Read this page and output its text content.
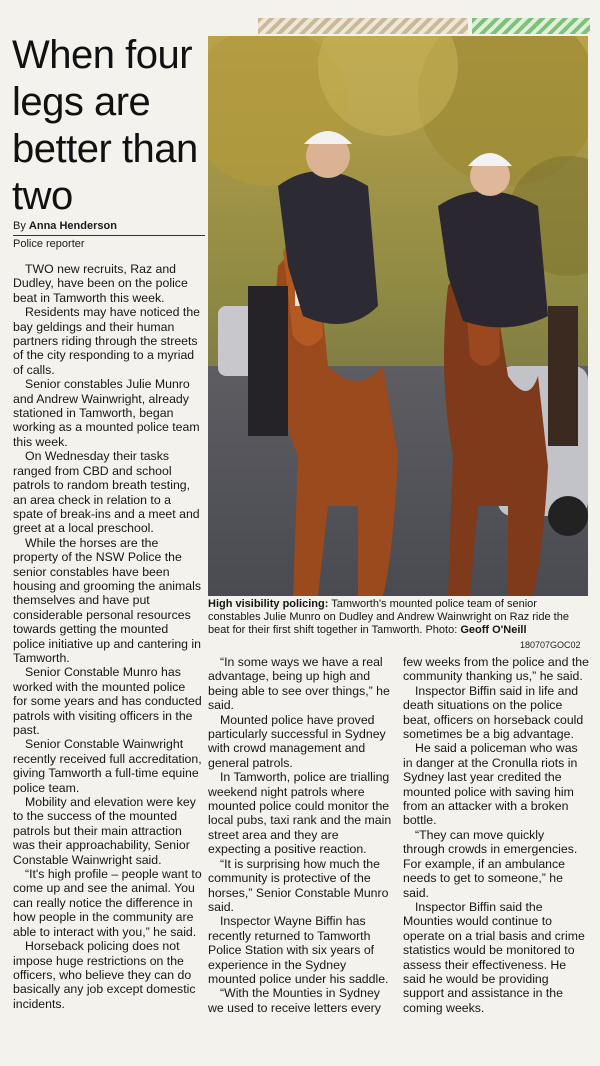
When four legs are better than two
By Anna Henderson
Police reporter
High visibility policing: Tamworth's mounted police team of senior constables Julie Munro on Dudley and Andrew Wainwright on Raz ride the beat for their first shift together in Tamworth. Photo: Geoff O'Neill
180707GOC02

TWO new recruits, Raz and Dudley, have been on the police beat in Tamworth this week.

Residents may have noticed the bay geldings and their human partners riding through the streets of the city responding to a myriad of calls.

Senior constables Julie Munro and Andrew Wainwright, already stationed in Tamworth, began working as a mounted police team this week.

On Wednesday their tasks ranged from CBD and school patrols to random breath testing, an area check in relation to a spate of break-ins and a meet and greet at a local preschool.

While the horses are the property of the NSW Police the senior constables have been housing and grooming the animals themselves and have put considerable personal resources towards getting the mounted police initiative up and cantering in Tamworth.

Senior Constable Munro has worked with the mounted police for some years and has conducted patrols with visiting officers in the past.

Senior Constable Wainwright recently received full accreditation, giving Tamworth a full-time equine police team.

Mobility and elevation were key to the success of the mounted patrols but their main attraction was their approachability, Senior Constable Wainwright said.

“It's high profile – people want to come up and see the animal. You can really notice the difference in how people in the community are able to interact with you,” he said.

Horseback policing does not impose huge restrictions on the officers, who believe they can do basically any job except domestic incidents.

“In some ways we have a real advantage, being up high and being able to see over things,” he said.

Mounted police have proved particularly successful in Sydney with crowd management and general patrols.

In Tamworth, police are trialling weekend night patrols where mounted police could monitor the local pubs, taxi rank and the main street area and they are expecting a positive reaction.

“It is surprising how much the community is protective of the horses,” Senior Constable Munro said.

Inspector Wayne Biffin has recently returned to Tamworth Police Station with six years of experience in the Sydney mounted police under his saddle.

“With the Mounties in Sydney we used to receive letters every

few weeks from the police and the community thanking us,” he said.

Inspector Biffin said in life and death situations on the police beat, officers on horseback could sometimes be a big advantage.

He said a policeman who was in danger at the Cronulla riots in Sydney last year credited the mounted police with saving him from an attacker with a broken bottle.

“They can move quickly through crowds in emergencies. For example, if an ambulance needs to get to someone,” he said.

Inspector Biffin said the Mounties would continue to operate on a trial basis and crime statistics would be monitored to assess their effectiveness. He said he would be providing support and assistance in the coming weeks.
